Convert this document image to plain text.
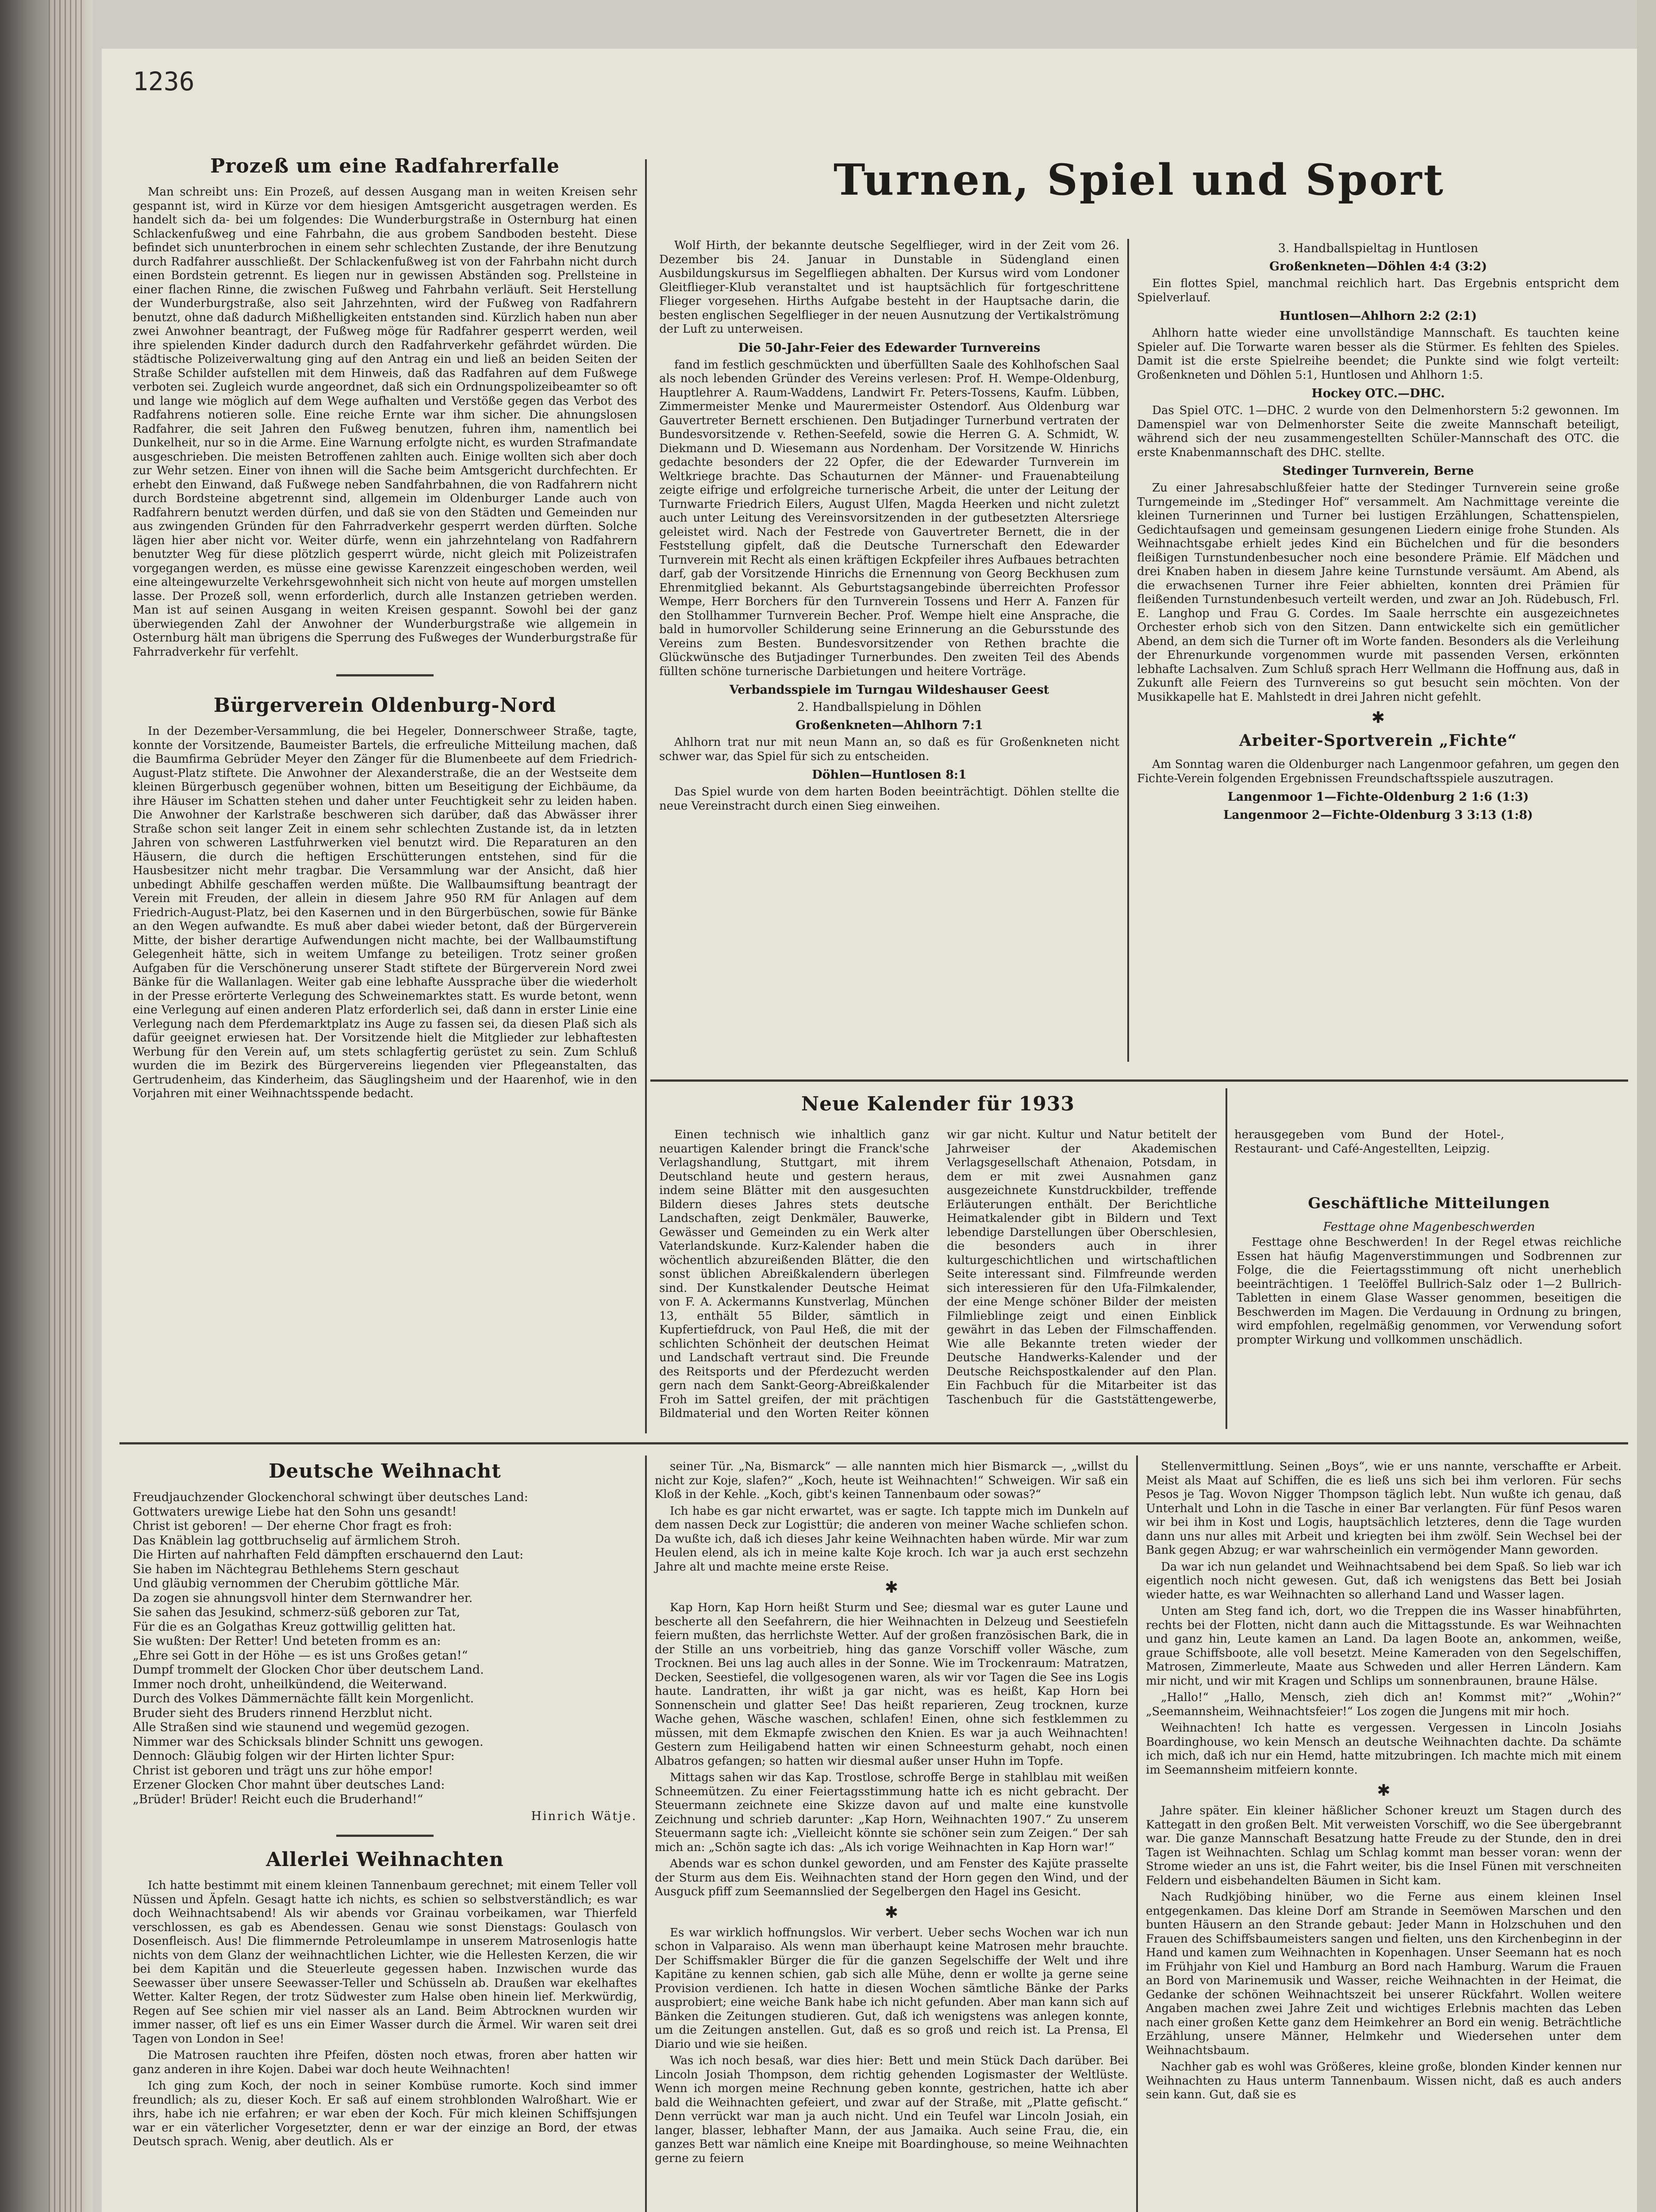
1236
Prozeß um eine Radfahrerfalle

Man schreibt uns: Ein Prozeß, auf dessen Ausgang man in weiten Kreisen sehr gespannt ist, wird in Kürze vor dem hiesigen Amtsgericht ausgetragen werden. Es handelt sich da- bei um folgendes: Die Wunderburgstraße in Osternburg hat einen Schlackenfußweg und eine Fahrbahn, die aus grobem Sandboden besteht. Diese befindet sich ununterbrochen in einem sehr schlechten Zustande, der ihre Benutzung durch Radfahrer ausschließt. Der Schlackenfußweg ist von der Fahrbahn nicht durch einen Bordstein getrennt. Es liegen nur in gewissen Abständen sog. Prellsteine in einer flachen Rinne, die zwischen Fußweg und Fahrbahn verläuft. Seit Herstellung der Wunderburgstraße, also seit Jahrzehnten, wird der Fußweg von Radfahrern benutzt, ohne daß dadurch Mißhelligkeiten entstanden sind. Kürzlich haben nun aber zwei Anwohner beantragt, der Fußweg möge für Radfahrer gesperrt werden, weil ihre spielenden Kinder dadurch durch den Radfahrverkehr gefährdet würden. Die städtische Polizeiverwaltung ging auf den Antrag ein und ließ an beiden Seiten der Straße Schilder aufstellen mit dem Hinweis, daß das Radfahren auf dem Fußwege verboten sei. Zugleich wurde angeordnet, daß sich ein Ordnungspolizeibeamter so oft und lange wie möglich auf dem Wege aufhalten und Verstöße gegen das Verbot des Radfahrens notieren solle. Eine reiche Ernte war ihm sicher. Die ahnungslosen Radfahrer, die seit Jahren den Fußweg benutzen, fuhren ihm, namentlich bei Dunkelheit, nur so in die Arme. Eine Warnung erfolgte nicht, es wurden Strafmandate ausgeschrieben. Die meisten Betroffenen zahlten auch. Einige wollten sich aber doch zur Wehr setzen. Einer von ihnen will die Sache beim Amtsgericht durchfechten. Er erhebt den Einwand, daß Fußwege neben Sandfahrbahnen, die von Radfahrern nicht durch Bordsteine abgetrennt sind, allgemein im Oldenburger Lande auch von Radfahrern benutzt werden dürfen, und daß sie von den Städten und Gemeinden nur aus zwingenden Gründen für den Fahrradverkehr gesperrt werden dürften. Solche lägen hier aber nicht vor. Weiter dürfe, wenn ein jahrzehntelang von Radfahrern benutzter Weg für diese plötzlich gesperrt würde, nicht gleich mit Polizeistrafen vorgegangen werden, es müsse eine gewisse Karenzzeit eingeschoben werden, weil eine alteingewurzelte Verkehrsgewohnheit sich nicht von heute auf morgen umstellen lasse. Der Prozeß soll, wenn erforderlich, durch alle Instanzen getrieben werden. Man ist auf seinen Ausgang in weiten Kreisen gespannt. Sowohl bei der ganz überwiegenden Zahl der Anwohner der Wunderburgstraße wie allgemein in Osternburg hält man übrigens die Sperrung des Fußweges der Wunderburgstraße für Fahrradverkehr für verfehlt.

Bürgerverein Oldenburg-Nord

In der Dezember-Versammlung, die bei Hegeler, Donnerschweer Straße, tagte, konnte der Vorsitzende, Baumeister Bartels, die erfreuliche Mitteilung machen, daß die Baumfirma Gebrüder Meyer den Zänger für die Blumenbeete auf dem Friedrich-August-Platz stiftete. Die Anwohner der Alexanderstraße, die an der Westseite dem kleinen Bürgerbusch gegenüber wohnen, bitten um Beseitigung der Eichbäume, da ihre Häuser im Schatten stehen und daher unter Feuchtigkeit sehr zu leiden haben. Die Anwohner der Karlstraße beschweren sich darüber, daß das Abwässer ihrer Straße schon seit langer Zeit in einem sehr schlechten Zustande ist, da in letzten Jahren von schweren Lastfuhrwerken viel benutzt wird. Die Reparaturen an den Häusern, die durch die heftigen Erschütterungen entstehen, sind für die Hausbesitzer nicht mehr tragbar. Die Versammlung war der Ansicht, daß hier unbedingt Abhilfe geschaffen werden müßte. Die Wallbaumsiftung beantragt der Verein mit Freuden, der allein in diesem Jahre 950 RM für Anlagen auf dem Friedrich-August-Platz, bei den Kasernen und in den Bürgerbüschen, sowie für Bänke an den Wegen aufwandte. Es muß aber dabei wieder betont, daß der Bürgerverein Mitte, der bisher derartige Aufwendungen nicht machte, bei der Wallbaumstiftung Gelegenheit hätte, sich in weitem Umfange zu beteiligen. Trotz seiner großen Aufgaben für die Verschönerung unserer Stadt stiftete der Bürgerverein Nord zwei Bänke für die Wallanlagen. Weiter gab eine lebhafte Aussprache über die wiederholt in der Presse erörterte Verlegung des Schweinemarktes statt. Es wurde betont, wenn eine Verlegung auf einen anderen Platz erforderlich sei, daß dann in erster Linie eine Verlegung nach dem Pferdemarktplatz ins Auge zu fassen sei, da diesen Plaß sich als dafür geeignet erwiesen hat. Der Vorsitzende hielt die Mitglieder zur lebhaftesten Werbung für den Verein auf, um stets schlagfertig gerüstet zu sein. Zum Schluß wurden die im Bezirk des Bürgervereins liegenden vier Pflegeanstalten, das Gertrudenheim, das Kinderheim, das Säuglingsheim und der Haarenhof, wie in den Vorjahren mit einer Weihnachtsspende bedacht.

Turnen, Spiel und Sport

Wolf Hirth, der bekannte deutsche Segelflieger, wird in der Zeit vom 26. Dezember bis 24. Januar in Dunstable in Südengland einen Ausbildungskursus im Segelfliegen abhalten. Der Kursus wird vom Londoner Gleitflieger-Klub veranstaltet und ist hauptsächlich für fortgeschrittene Flieger vorgesehen. Hirths Aufgabe besteht in der Hauptsache darin, die besten englischen Segelflieger in der neuen Ausnutzung der Vertikalströmung der Luft zu unterweisen.

Die 50-Jahr-Feier des Edewarder Turnvereins

fand im festlich geschmückten und überfüllten Saale des Kohlhofschen Saal als noch lebenden Gründer des Vereins verlesen: Prof. H. Wempe-Oldenburg, Hauptlehrer A. Raum-Waddens, Landwirt Fr. Peters-Tossens, Kaufm. Lübben, Zimmermeister Menke und Maurermeister Ostendorf. Aus Oldenburg war Gauvertreter Bernett erschienen. Den Butjadinger Turnerbund vertraten der Bundesvorsitzende v. Rethen-Seefeld, sowie die Herren G. A. Schmidt, W. Diekmann und D. Wiesemann aus Nordenham. Der Vorsitzende W. Hinrichs gedachte besonders der 22 Opfer, die der Edewarder Turnverein im Weltkriege brachte. Das Schauturnen der Männer- und Frauenabteilung zeigte eifrige und erfolgreiche turnerische Arbeit, die unter der Leitung der Turnwarte Friedrich Eilers, August Ulfen, Magda Heerken und nicht zuletzt auch unter Leitung des Vereinsvorsitzenden in der gutbesetzten Altersriege geleistet wird. Nach der Festrede von Gauvertreter Bernett, die in der Feststellung gipfelt, daß die Deutsche Turnerschaft den Edewarder Turnverein mit Recht als einen kräftigen Eckpfeiler ihres Aufbaues betrachten darf, gab der Vorsitzende Hinrichs die Ernennung von Georg Beckhusen zum Ehrenmitglied bekannt. Als Geburtstagsangebinde überreichten Professor Wempe, Herr Borchers für den Turnverein Tossens und Herr A. Fanzen für den Stollhammer Turnverein Becher. Prof. Wempe hielt eine Ansprache, die bald in humorvoller Schilderung seine Erinnerung an die Gebursstunde des Vereins zum Besten. Bundesvorsitzender von Rethen brachte die Glückwünsche des Butjadinger Turnerbundes. Den zweiten Teil des Abends füllten schöne turnerische Darbietungen und heitere Vorträge.

Verbandsspiele im Turngau Wildeshauser Geest
2. Handballspielung in Döhlen
Großenkneten—Ahlhorn 7:1

Ahlhorn trat nur mit neun Mann an, so daß es für Großenkneten nicht schwer war, das Spiel für sich zu entscheiden.

Döhlen—Huntlosen 8:1

Das Spiel wurde von dem harten Boden beeinträchtigt. Döhlen stellte die neue Vereinstracht durch einen Sieg einweihen.

3. Handballspieltag in Huntlosen
Großenkneten—Döhlen 4:4 (3:2)

Ein flottes Spiel, manchmal reichlich hart. Das Ergebnis entspricht dem Spielverlauf.

Huntlosen—Ahlhorn 2:2 (2:1)

Ahlhorn hatte wieder eine unvollständige Mannschaft. Es tauchten keine Spieler auf. Die Torwarte waren besser als die Stürmer. Es fehlten des Spieles. Damit ist die erste Spielreihe beendet; die Punkte sind wie folgt verteilt: Großenkneten und Döhlen 5:1, Huntlosen und Ahlhorn 1:5.

Hockey OTC.—DHC.

Das Spiel OTC. 1—DHC. 2 wurde von den Delmenhorstern 5:2 gewonnen. Im Damenspiel war von Delmenhorster Seite die zweite Mannschaft beteiligt, während sich der neu zusammengestellten Schüler-Mannschaft des OTC. die erste Knabenmannschaft des DHC. stellte.

Stedinger Turnverein, Berne

Zu einer Jahresabschlußfeier hatte der Stedinger Turnverein seine große Turngemeinde im „Stedinger Hof“ versammelt. Am Nachmittage vereinte die kleinen Turnerinnen und Turner bei lustigen Erzählungen, Schattenspielen, Gedichtaufsagen und gemeinsam gesungenen Liedern einige frohe Stunden. Als Weihnachtsgabe erhielt jedes Kind ein Büchelchen und für die besonders fleißigen Turnstundenbesucher noch eine besondere Prämie. Elf Mädchen und drei Knaben haben in diesem Jahre keine Turnstunde versäumt. Am Abend, als die erwachsenen Turner ihre Feier abhielten, konnten drei Prämien für fleißenden Turnstundenbesuch verteilt werden, und zwar an Joh. Rüdebusch, Frl. E. Langhop und Frau G. Cordes. Im Saale herrschte ein ausgezeichnetes Orchester erhob sich von den Sitzen. Dann entwickelte sich ein gemütlicher Abend, an dem sich die Turner oft im Worte fanden. Besonders als die Verleihung der Ehrenurkunde vorgenommen wurde mit passenden Versen, erkönnten lebhafte Lachsalven. Zum Schluß sprach Herr Wellmann die Hoffnung aus, daß in Zukunft alle Feiern des Turnvereins so gut besucht sein möchten. Von der Musikkapelle hat E. Mahlstedt in drei Jahren nicht gefehlt.

✱
Arbeiter-Sportverein „Fichte“

Am Sonntag waren die Oldenburger nach Langenmoor gefahren, um gegen den Fichte-Verein folgenden Ergebnissen Freundschaftsspiele auszutragen.

Langenmoor 1—Fichte-Oldenburg 2 1:6 (1:3)
Langenmoor 2—Fichte-Oldenburg 3 3:13 (1:8)
Neue Kalender für 1933

Einen technisch wie inhaltlich ganz neuartigen Kalender bringt die Franck'sche Verlagshandlung, Stuttgart, mit ihrem Deutschland heute und gestern heraus, indem seine Blätter mit den ausgesuchten Bildern dieses Jahres stets deutsche Landschaften, zeigt Denkmäler, Bauwerke, Gewässer und Gemeinden zu ein Werk alter Vaterlandskunde. Kurz-Kalender haben die wöchentlich abzureißenden Blätter, die den sonst üblichen Abreißkalendern überlegen sind. Der Kunstkalender Deutsche Heimat von F. A. Ackermanns Kunstverlag, München 13, enthält 55 Bilder, sämtlich in Kupfertiefdruck, von Paul Heß, die mit der schlichten Schönheit der deutschen Heimat und Landschaft vertraut sind. Die Freunde des Reitsports und der Pferdezucht werden gern nach dem Sankt-Georg-Abreißkalender Froh im Sattel greifen, der mit prächtigen Bildmaterial und den Worten Reiter können wir gar nicht. Kultur und Natur betitelt der Jahrweiser der Akademischen Verlagsgesellschaft Athenaion, Potsdam, in dem er mit zwei Ausnahmen ganz ausgezeichnete Kunstdruckbilder, treffende Erläuterungen enthält. Der Berichtliche Heimatkalender gibt in Bildern und Text lebendige Darstellungen über Oberschlesien, die besonders auch in ihrer kulturgeschichtlichen und wirtschaftlichen Seite interessant sind. Filmfreunde werden sich interessieren für den Ufa-Filmkalender, der eine Menge schöner Bilder der meisten Filmlieblinge zeigt und einen Einblick gewährt in das Leben der Filmschaffenden. Wie alle Bekannte treten wieder der Deutsche Handwerks-Kalender und der Deutsche Reichspostkalender auf den Plan. Ein Fachbuch für die Mitarbeiter ist das Taschenbuch für die Gaststättengewerbe, herausgegeben vom Bund der Hotel-, Restaurant- und Café-Angestellten, Leipzig.

Geschäftliche Mitteilungen
Festtage ohne Magenbeschwerden

Festtage ohne Beschwerden! In der Regel etwas reichliche Essen hat häufig Magenverstimmungen und Sodbrennen zur Folge, die die Feiertagsstimmung oft nicht unerheblich beeinträchtigen. 1 Teelöffel Bullrich-Salz oder 1—2 Bullrich-Tabletten in einem Glase Wasser genommen, beseitigen die Beschwerden im Magen. Die Verdauung in Ordnung zu bringen, wird empfohlen, regelmäßig genommen, vor Verwendung sofort prompter Wirkung und vollkommen unschädlich.

Deutsche Weihnacht

Freudjauchzender Glockenchoral schwingt über deutsches Land:

Gottwaters urewige Liebe hat den Sohn uns gesandt!

Christ ist geboren! — Der eherne Chor fragt es froh:

Das Knäblein lag gottbruchselig auf ärmlichem Stroh.

Die Hirten auf nahrhaften Feld dämpften erschauernd den Laut:

Sie haben im Nächtegrau Bethlehems Stern geschaut

Und gläubig vernommen der Cherubim göttliche Mär.

Da zogen sie ahnungsvoll hinter dem Sternwandrer her.

Sie sahen das Jesukind, schmerz-süß geboren zur Tat,

Für die es an Golgathas Kreuz gottwillig gelitten hat.

Sie wußten: Der Retter! Und beteten fromm es an:

„Ehre sei Gott in der Höhe — es ist uns Großes getan!“

Dumpf trommelt der Glocken Chor über deutschem Land.

Immer noch droht, unheilkündend, die Weiterwand.

Durch des Volkes Dämmernächte fällt kein Morgenlicht.

Bruder sieht des Bruders rinnend Herzblut nicht.

Alle Straßen sind wie staunend und wegemüd gezogen.

Nimmer war des Schicksals blinder Schnitt uns gewogen.

Dennoch: Gläubig folgen wir der Hirten lichter Spur:

Christ ist geboren und trägt uns zur höhe empor!

Erzener Glocken Chor mahnt über deutsches Land:

„Brüder! Brüder! Reicht euch die Bruderhand!“

Hinrich Wätje.
Allerlei Weihnachten

Ich hatte bestimmt mit einem kleinen Tannenbaum gerechnet; mit einem Teller voll Nüssen und Äpfeln. Gesagt hatte ich nichts, es schien so selbstverständlich; es war doch Weihnachtsabend! Als wir abends vor Grainau vorbeikamen, war Thierfeld verschlossen, es gab es Abendessen. Genau wie sonst Dienstags: Goulasch von Dosenfleisch. Aus! Die flimmernde Petroleumlampe in unserem Matrosenlogis hatte nichts von dem Glanz der weihnachtlichen Lichter, wie die Hellesten Kerzen, die wir bei dem Kapitän und die Steuerleute gegessen haben. Inzwischen wurde das Seewasser über unsere Seewasser-Teller und Schüsseln ab. Draußen war ekelhaftes Wetter. Kalter Regen, der trotz Südwester zum Halse oben hinein lief. Merkwürdig, Regen auf See schien mir viel nasser als an Land. Beim Abtrocknen wurden wir immer nasser, oft lief es uns ein Eimer Wasser durch die Ärmel. Wir waren seit drei Tagen von London in See!

Die Matrosen rauchten ihre Pfeifen, dösten noch etwas, froren aber hatten wir ganz anderen in ihre Kojen. Dabei war doch heute Weihnachten!

Ich ging zum Koch, der noch in seiner Kombüse rumorte. Koch sind immer freundlich; als zu, dieser Koch. Er saß auf einem strohblonden Walroßhart. Wie er ihrs, habe ich nie erfahren; er war eben der Koch. Für mich kleinen Schiffsjungen war er ein väterlicher Vorgesetzter, denn er war der einzige an Bord, der etwas Deutsch sprach. Wenig, aber deutlich. Als er

seiner Tür. „Na, Bismarck“ — alle nannten mich hier Bismarck —, „willst du nicht zur Koje, slafen?“ „Koch, heute ist Weihnachten!“ Schweigen. Wir saß ein Kloß in der Kehle. „Koch, gibt's keinen Tannenbaum oder sowas?“

Ich habe es gar nicht erwartet, was er sagte. Ich tappte mich im Dunkeln auf dem nassen Deck zur Logisttür; die anderen von meiner Wache schliefen schon. Da wußte ich, daß ich dieses Jahr keine Weihnachten haben würde. Mir war zum Heulen elend, als ich in meine kalte Koje kroch. Ich war ja auch erst sechzehn Jahre alt und machte meine erste Reise.

✱

Kap Horn, Kap Horn heißt Sturm und See; diesmal war es guter Laune und bescherte all den Seefahrern, die hier Weihnachten in Delzeug und Seestiefeln feiern mußten, das herrlichste Wetter. Auf der großen französischen Bark, die in der Stille an uns vorbeitrieb, hing das ganze Vorschiff voller Wäsche, zum Trocknen. Bei uns lag auch alles in der Sonne. Wie im Trockenraum: Matratzen, Decken, Seestiefel, die vollgesogenen waren, als wir vor Tagen die See ins Logis haute. Landratten, ihr wißt ja gar nicht, was es heißt, Kap Horn bei Sonnenschein und glatter See! Das heißt reparieren, Zeug trocknen, kurze Wache gehen, Wäsche waschen, schlafen! Einen, ohne sich festklemmen zu müssen, mit dem Ekmapfe zwischen den Knien. Es war ja auch Weihnachten! Gestern zum Heiligabend hatten wir einen Schneesturm gehabt, noch einen Albatros gefangen; so hatten wir diesmal außer unser Huhn im Topfe.

Mittags sahen wir das Kap. Trostlose, schroffe Berge in stahlblau mit weißen Schneemützen. Zu einer Feiertagsstimmung hatte ich es nicht gebracht. Der Steuermann zeichnete eine Skizze davon auf und malte eine kunstvolle Zeichnung und schrieb darunter: „Kap Horn, Weihnachten 1907.“ Zu unserem Steuermann sagte ich: „Vielleicht könnte sie schöner sein zum Zeigen.“ Der sah mich an: „Schön sagte ich das: „Als ich vorige Weihnachten in Kap Horn war!“

Abends war es schon dunkel geworden, und am Fenster des Kajüte prasselte der Sturm aus dem Eis. Weihnachten stand der Horn gegen den Wind, und der Ausguck pfiff zum Seemannslied der Segelbergen den Hagel ins Gesicht.

✱

Es war wirklich hoffnungslos. Wir verbert. Ueber sechs Wochen war ich nun schon in Valparaiso. Als wenn man überhaupt keine Matrosen mehr brauchte. Der Schiffsmakler Bürger die für die ganzen Segelschiffe der Welt und ihre Kapitäne zu kennen schien, gab sich alle Mühe, denn er wollte ja gerne seine Provision verdienen. Ich hatte in diesen Wochen sämtliche Bänke der Parks ausprobiert; eine weiche Bank habe ich nicht gefunden. Aber man kann sich auf Bänken die Zeitungen studieren. Gut, daß ich wenigstens was anlegen konnte, um die Zeitungen anstellen. Gut, daß es so groß und reich ist. La Prensa, El Diario und wie sie heißen.

Was ich noch besaß, war dies hier: Bett und mein Stück Dach darüber. Bei Lincoln Josiah Thompson, dem richtig gehenden Logismaster der Weltlüste. Wenn ich morgen meine Rechnung geben konnte, gestrichen, hatte ich aber bald die Weihnachten gefeiert, und zwar auf der Straße, mit „Platte gefischt.“ Denn verrückt war man ja auch nicht. Und ein Teufel war Lincoln Josiah, ein langer, blasser, lebhafter Mann, der aus Jamaika. Auch seine Frau, die, ein ganzes Bett war nämlich eine Kneipe mit Boardinghouse, so meine Weihnachten gerne zu feiern

Stellenvermittlung. Seinen „Boys“, wie er uns nannte, verschaffte er Arbeit. Meist als Maat auf Schiffen, die es ließ uns sich bei ihm verloren. Für sechs Pesos je Tag. Wovon Nigger Thompson täglich lebt. Nun wußte ich genau, daß Unterhalt und Lohn in die Tasche in einer Bar verlangten. Für fünf Pesos waren wir bei ihm in Kost und Logis, hauptsächlich letzteres, denn die Tage wurden dann uns nur alles mit Arbeit und kriegten bei ihm zwölf. Sein Wechsel bei der Bank gegen Abzug; er war wahrscheinlich ein vermögender Mann geworden.

Da war ich nun gelandet und Weihnachtsabend bei dem Spaß. So lieb war ich eigentlich noch nicht gewesen. Gut, daß ich wenigstens das Bett bei Josiah wieder hatte, es war Weihnachten so allerhand Land und Wasser lagen.

Unten am Steg fand ich, dort, wo die Treppen die ins Wasser hinabführten, rechts bei der Flotten, nicht dann auch die Mittagsstunde. Es war Weihnachten und ganz hin, Leute kamen an Land. Da lagen Boote an, ankommen, weiße, graue Schiffsboote, alle voll besetzt. Meine Kameraden von den Segelschiffen, Matrosen, Zimmerleute, Maate aus Schweden und aller Herren Ländern. Kam mir nicht, und wir mit Kragen und Schlips um sonnenbraunen, braune Hälse.

„Hallo!“ „Hallo, Mensch, zieh dich an! Kommst mit?“ „Wohin?“ „Seemannsheim, Weihnachtsfeier!“ Los zogen die Jungens mit mir hoch.

Weihnachten! Ich hatte es vergessen. Vergessen in Lincoln Josiahs Boardinghouse, wo kein Mensch an deutsche Weihnachten dachte. Da schämte ich mich, daß ich nur ein Hemd, hatte mitzubringen. Ich machte mich mit einem im Seemannsheim mitfeiern konnte.

✱

Jahre später. Ein kleiner häßlicher Schoner kreuzt um Stagen durch des Kattegatt in den großen Belt. Mit verweisten Vorschiff, wo die See übergebrannt war. Die ganze Mannschaft Besatzung hatte Freude zu der Stunde, den in drei Tagen ist Weihnachten. Schlag um Schlag kommt man besser voran: wenn der Strome wieder an uns ist, die Fahrt weiter, bis die Insel Fünen mit verschneiten Feldern und eisbehandelten Bäumen in Sicht kam.

Nach Rudkjöbing hinüber, wo die Ferne aus einem kleinen Insel entgegenkamen. Das kleine Dorf am Strande in Seemöwen Marschen und den bunten Häusern an den Strande gebaut: Jeder Mann in Holzschuhen und den Frauen des Schiffsbaumeisters sangen und fielten, uns den Kirchenbeginn in der Hand und kamen zum Weihnachten in Kopenhagen. Unser Seemann hat es noch im Frühjahr von Kiel und Hamburg an Bord nach Hamburg. Warum die Frauen an Bord von Marinemusik und Wasser, reiche Weihnachten in der Heimat, die Gedanke der schönen Weihnachtszeit bei unserer Rückfahrt. Wollen weitere Angaben machen zwei Jahre Zeit und wichtiges Erlebnis machten das Leben nach einer großen Kette ganz dem Heimkehrer an Bord ein wenig. Beträchtliche Erzählung, unsere Männer, Helmkehr und Wiedersehen unter dem Weihnachtsbaum.

Nachher gab es wohl was Größeres, kleine große, blonden Kinder kennen nur Weihnachten zu Haus unterm Tannenbaum. Wissen nicht, daß es auch anders sein kann. Gut, daß sie es
